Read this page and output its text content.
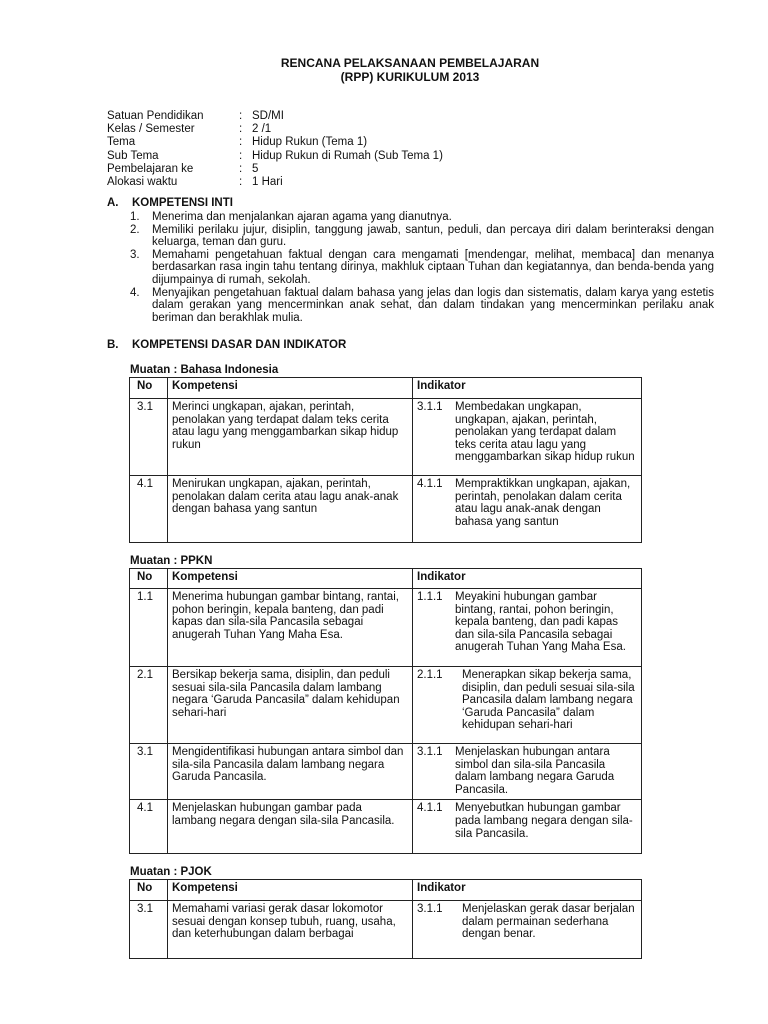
RENCANA PELAKSANAAN PEMBELAJARAN
(RPP) KURIKULUM 2013
Satuan Pendidikan	: SD/MI
Kelas / Semester	: 2 /1
Tema	: Hidup Rukun (Tema 1)
Sub Tema	: Hidup Rukun di Rumah (Sub Tema 1)
Pembelajaran ke	: 5
Alokasi waktu	: 1 Hari
A. KOMPETENSI INTI
1.	Menerima dan menjalankan ajaran agama yang dianutnya.
2.	Memiliki perilaku jujur, disiplin, tanggung jawab, santun, peduli, dan percaya diri dalam berinteraksi dengan keluarga, teman dan guru.
3.	Memahami pengetahuan faktual dengan cara mengamati [mendengar, melihat, membaca] dan menanya berdasarkan rasa ingin tahu tentang dirinya, makhluk ciptaan Tuhan dan kegiatannya, dan benda-benda yang dijumpainya di rumah, sekolah.
4.	Menyajikan pengetahuan faktual dalam bahasa yang jelas dan logis dan sistematis, dalam karya yang estetis dalam gerakan yang mencerminkan anak sehat, dan dalam tindakan yang mencerminkan perilaku anak beriman dan berakhlak mulia.
B. KOMPETENSI DASAR DAN INDIKATOR
Muatan : Bahasa Indonesia
No	Kompetensi	Indikator
3.1	Merinci ungkapan, ajakan, perintah, penolakan yang terdapat dalam teks cerita atau lagu yang menggambarkan sikap hidup rukun	3.1.1 Membedakan ungkapan, ungkapan, ajakan, perintah, penolakan yang terdapat dalam teks cerita atau lagu yang menggambarkan sikap hidup rukun

4.1	Menirukan ungkapan, ajakan, perintah, penolakan dalam cerita atau lagu anak-anak dengan bahasa yang santun	4.1.1 Mempraktikkan ungkapan, ajakan, perintah, penolakan dalam cerita atau lagu anak-anak dengan bahasa yang santun
Muatan : PPKN
No	Kompetensi	Indikator
1.1	Menerima hubungan gambar bintang, rantai, pohon beringin, kepala banteng, dan padi kapas dan sila-sila Pancasila sebagai anugerah Tuhan Yang Maha Esa.	1.1.1 Meyakini hubungan gambar bintang, rantai, pohon beringin, kepala banteng, dan padi kapas dan sila-sila Pancasila sebagai anugerah Tuhan Yang Maha Esa.

2.1	Bersikap bekerja sama, disiplin, dan peduli sesuai sila-sila Pancasila dalam lambang negara ‘Garuda Pancasila” dalam kehidupan sehari-hari	2.1.1 Menerapkan sikap bekerja sama, disiplin, dan peduli sesuai sila-sila Pancasila dalam lambang negara ‘Garuda Pancasila” dalam kehidupan sehari-hari

3.1	Mengidentifikasi hubungan antara simbol dan sila-sila Pancasila dalam lambang negara Garuda Pancasila.	3.1.1 Menjelaskan hubungan antara simbol dan sila-sila Pancasila dalam lambang negara Garuda Pancasila.

4.1	Menjelaskan hubungan gambar pada lambang negara dengan sila-sila Pancasila.	4.1.1 Menyebutkan hubungan gambar pada lambang negara dengan sila-sila Pancasila.
Muatan : PJOK
No	Kompetensi	Indikator
3.1	Memahami variasi gerak dasar lokomotor sesuai dengan konsep tubuh, ruang, usaha, dan keterhubungan dalam berbagai	3.1.1 Menjelaskan gerak dasar berjalan dalam permainan sederhana dengan benar.
